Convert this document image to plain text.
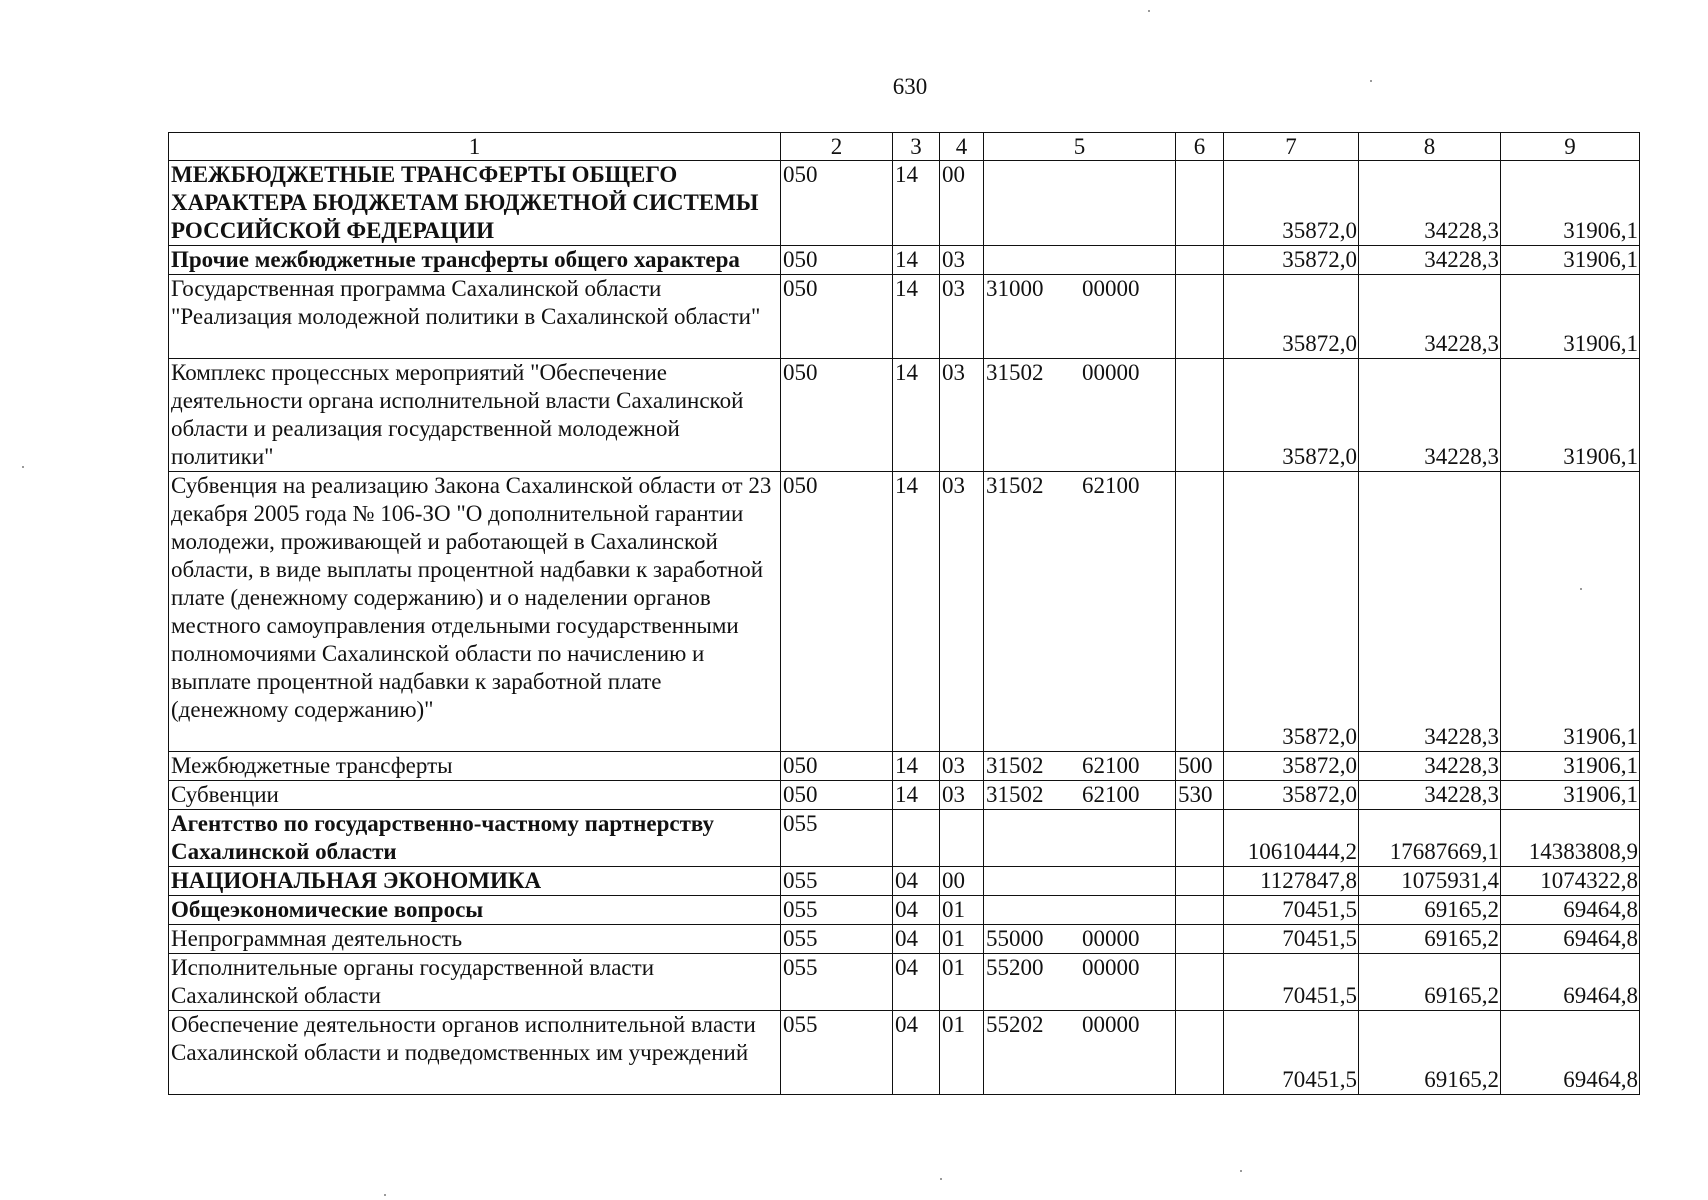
630
1	2	3	4	5	6	7	8	9
МЕЖБЮДЖЕТНЫЕ ТРАНСФЕРТЫ ОБЩЕГО ХАРАКТЕРА БЮДЖЕТАМ БЮДЖЕТНОЙ СИСТЕМЫ РОССИЙСКОЙ ФЕДЕРАЦИИ	050	14	00			35872,0	34228,3	31906,1
Прочие межбюджетные трансферты общего характера	050	14	03			35872,0	34228,3	31906,1
Государственная программа Сахалинской области "Реализация молодежной политики в Сахалинской области"	050	14	03	31000 00000		35872,0	34228,3	31906,1
Комплекс процессных мероприятий "Обеспечение деятельности органа исполнительной власти Сахалинской области и реализация государственной молодежной политики"	050	14	03	31502 00000		35872,0	34228,3	31906,1
Субвенция на реализацию Закона Сахалинской области от 23 декабря 2005 года № 106-ЗО "О дополнительной гарантии молодежи, проживающей и работающей в Сахалинской области, в виде выплаты процентной надбавки к заработной плате (денежному содержанию) и о наделении органов местного самоуправления отдельными государственными полномочиями Сахалинской области по начислению и выплате процентной надбавки к заработной плате (денежному содержанию)"	050	14	03	31502 62100		35872,0	34228,3	31906,1
Межбюджетные трансферты	050	14	03	31502 62100	500	35872,0	34228,3	31906,1
Субвенции	050	14	03	31502 62100	530	35872,0	34228,3	31906,1
Агентство по государственно-частному партнерству Сахалинской области	055					10610444,2	17687669,1	14383808,9
НАЦИОНАЛЬНАЯ ЭКОНОМИКА	055	04	00			1127847,8	1075931,4	1074322,8
Общеэкономические вопросы	055	04	01			70451,5	69165,2	69464,8
Непрограммная деятельность	055	04	01	55000 00000		70451,5	69165,2	69464,8
Исполнительные органы государственной власти Сахалинской области	055	04	01	55200 00000		70451,5	69165,2	69464,8
Обеспечение деятельности органов исполнительной власти Сахалинской области и подведомственных им учреждений	055	04	01	55202 00000		70451,5	69165,2	69464,8
